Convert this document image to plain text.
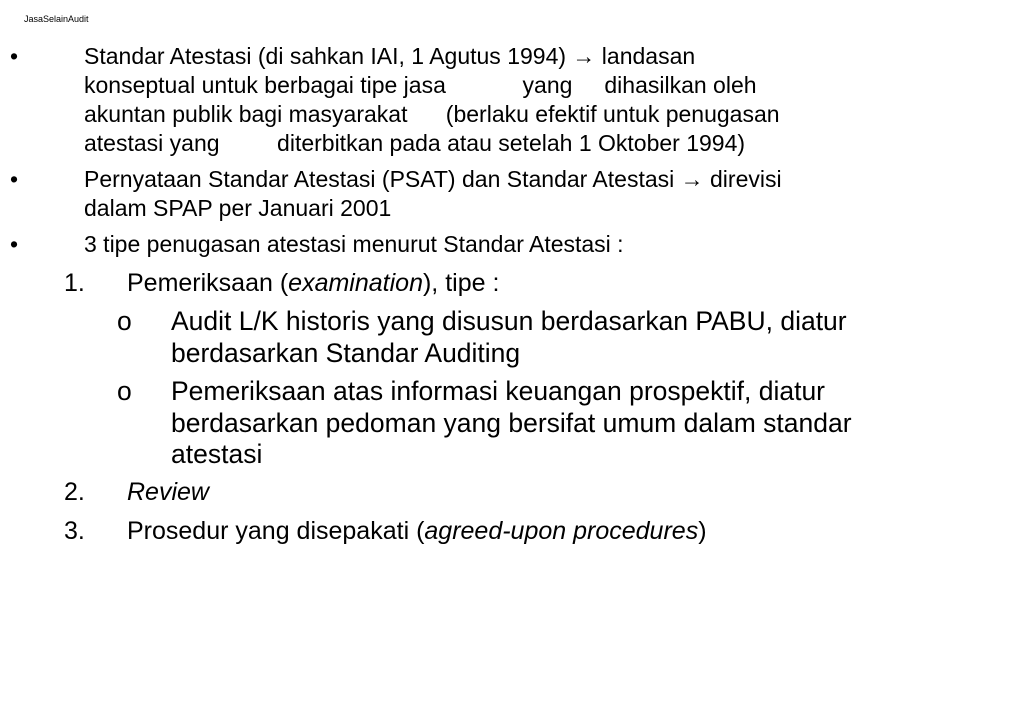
JasaSelainAudit
•	Standar Atestasi (di sahkan IAI, 1 Agutus 1994) → landasan
konseptual untuk berbagai tipe jasa            yang     dihasilkan oleh
akuntan publik bagi masyarakat      (berlaku efektif untuk penugasan
atestasi yang         diterbitkan pada atau setelah 1 Oktober 1994)
•	Pernyataan Standar Atestasi (PSAT) dan Standar Atestasi → direvisi
dalam SPAP per Januari 2001
•	3 tipe penugasan atestasi menurut Standar Atestasi :
1. Pemeriksaan (examination), tipe :
o Audit L/K historis yang disusun berdasarkan PABU, diatur
berdasarkan Standar Auditing
o Pemeriksaan atas informasi keuangan prospektif, diatur
berdasarkan pedoman yang bersifat umum dalam standar
atestasi
2. Review
3. Prosedur yang disepakati (agreed-upon procedures)
